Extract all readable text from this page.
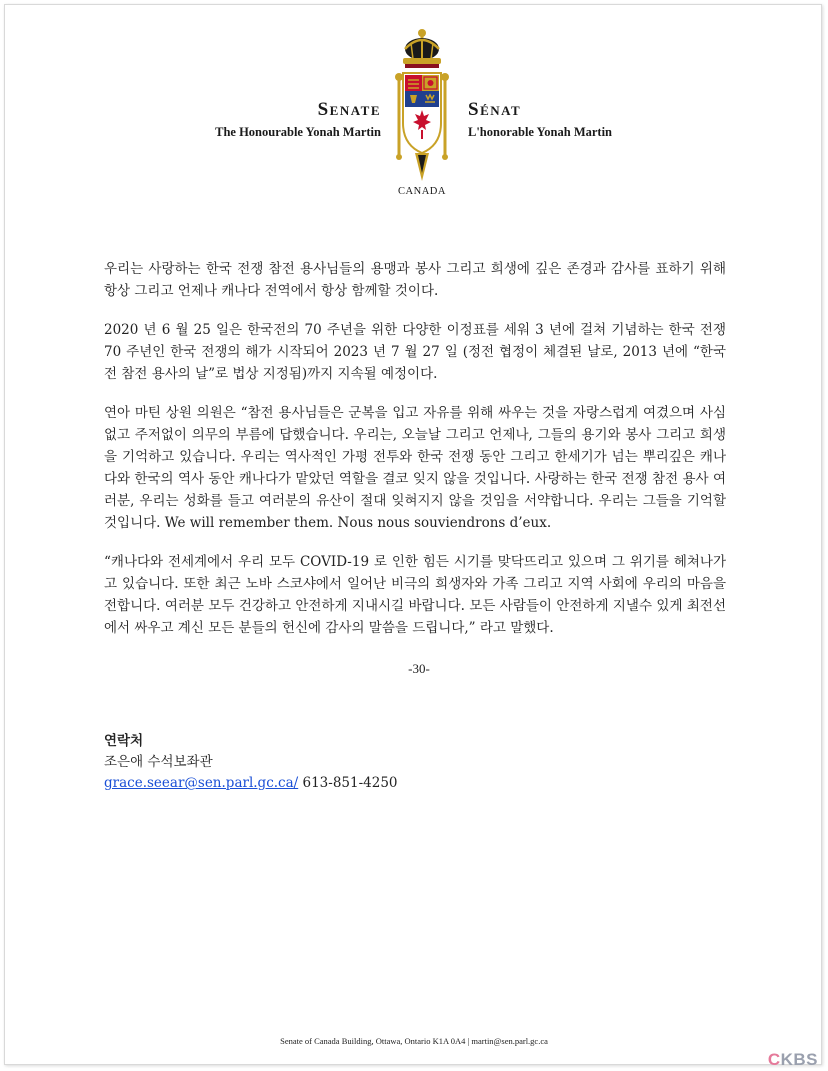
Senate
The Honourable Yonah Martin
Sénat
L'honorable Yonah Martin
CANADA

우리는 사랑하는 한국 전쟁 참전 용사님들의 용맹과 봉사 그리고 희생에 깊은 존경과 감사를 표하기 위해 항상 그리고 언제나 캐나다 전역에서 항상 함께할 것이다.

2020 년 6 월 25 일은 한국전의 70 주년을 위한 다양한 이정표를 세워 3 년에 걸쳐 기념하는 한국 전쟁 70 주년인 한국 전쟁의 해가 시작되어 2023 년 7 월 27 일 (정전 협정이 체결된 날로, 2013 년에 “한국전 참전 용사의 날”로 법상 지정됨)까지 지속될 예정이다.

연아 마틴 상원 의원은 “참전 용사님들은 군복을 입고 자유를 위해 싸우는 것을 자랑스럽게 여겼으며 사심없고 주저없이 의무의 부름에 답했습니다. 우리는, 오늘날 그리고 언제나, 그들의 용기와 봉사 그리고 희생을 기억하고 있습니다. 우리는 역사적인 가평 전투와 한국 전쟁 동안 그리고 한세기가 넘는 뿌리깊은 캐나다와 한국의 역사 동안 캐나다가 맡았던 역할을 결코 잊지 않을 것입니다. 사랑하는 한국 전쟁 참전 용사 여러분, 우리는 성화를 들고 여러분의 유산이 절대 잊혀지지 않을 것임을 서약합니다. 우리는 그들을 기억할 것입니다. We will remember them. Nous nous souviendrons d’eux.

“캐나다와 전세계에서 우리 모두 COVID-19 로 인한 힘든 시기를 맞닥뜨리고 있으며 그 위기를 헤쳐나가고 있습니다. 또한 최근 노바 스코샤에서 일어난 비극의 희생자와 가족 그리고 지역 사회에 우리의 마음을 전합니다. 여러분 모두 건강하고 안전하게 지내시길 바랍니다. 모든 사람들이 안전하게 지낼수 있게 최전선에서 싸우고 계신 모든 분들의 헌신에 감사의 말씀을 드립니다,” 라고 말했다.

-30-
연락처
조은애 수석보좌관
grace.seear@sen.parl.gc.ca/ 613-851-4250
Senate of Canada Building, Ottawa, Ontario K1A 0A4 | martin@sen.parl.gc.ca
CKBS
